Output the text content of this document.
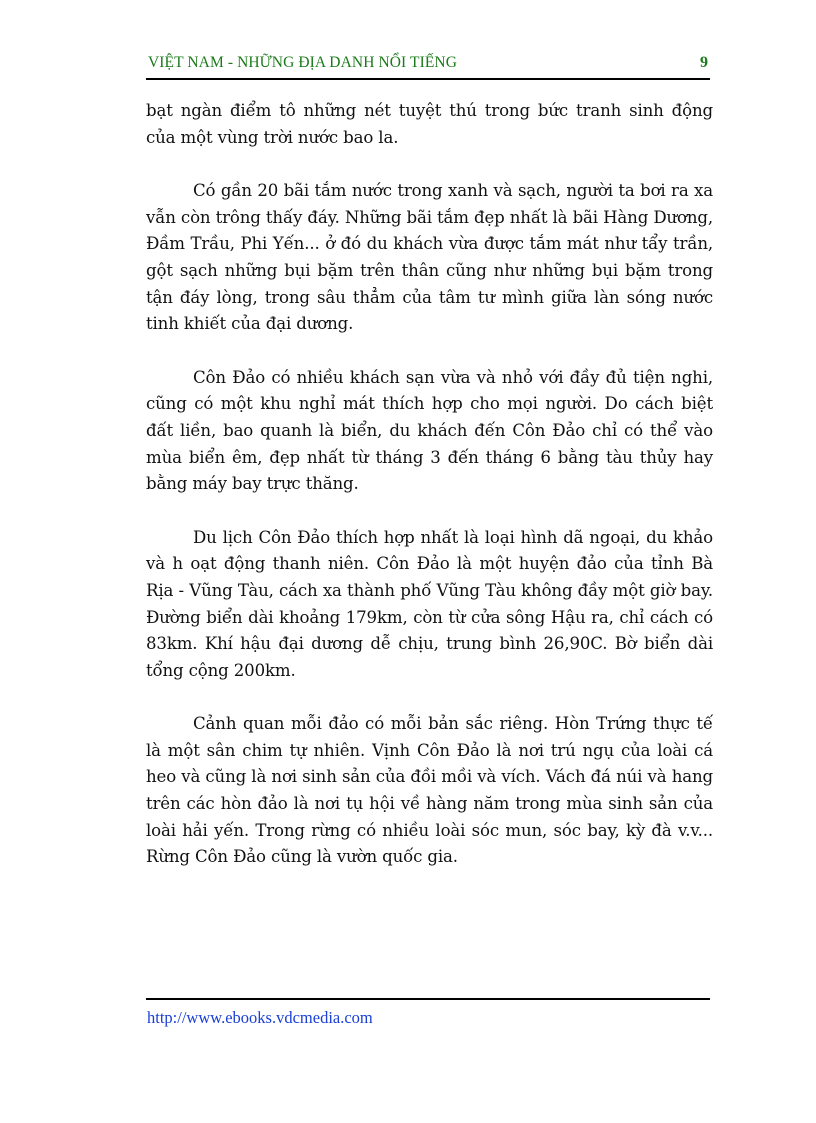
VIỆT NAM - NHỮNG ĐỊA DANH NỔI TIẾNG	9

bạt ngàn điểm tô những nét tuyệt thú trong bức tranh sinh động của một vùng trời nước bao la.

Có gần 20 bãi tắm nước trong xanh và sạch, người ta bơi ra xa vẫn còn trông thấy đáy. Những bãi tắm đẹp nhất là bãi Hàng Dương, Đầm Trầu, Phi Yến... ở đó du khách vừa được tắm mát như tẩy trần, gột sạch những bụi bặm trên thân cũng như những bụi bặm trong tận đáy lòng, trong sâu thẳm của tâm tư mình giữa làn sóng nước tinh khiết của đại dương.

Côn Đảo có nhiều khách sạn vừa và nhỏ với đầy đủ tiện nghi, cũng có một khu nghỉ mát thích hợp cho mọi người. Do cách biệt đất liền, bao quanh là biển, du khách đến Côn Đảo chỉ có thể vào mùa biển êm, đẹp nhất từ tháng 3 đến tháng 6 bằng tàu thủy hay bằng máy bay trực thăng.

Du lịch Côn Đảo thích hợp nhất là loại hình dã ngoại, du khảo và h oạt động thanh niên. Côn Đảo là một huyện đảo của tỉnh Bà Rịa - Vũng Tàu, cách xa thành phố Vũng Tàu không đầy một giờ bay. Đường biển dài khoảng 179km, còn từ cửa sông Hậu ra, chỉ cách có 83km. Khí hậu đại dương dễ chịu, trung bình 26,90C. Bờ biển dài tổng cộng 200km.

Cảnh quan mỗi đảo có mỗi bản sắc riêng. Hòn Trứng thực tế là một sân chim tự nhiên. Vịnh Côn Đảo là nơi trú ngụ của loài cá heo và cũng là nơi sinh sản của đồi mồi và vích. Vách đá núi và hang trên các hòn đảo là nơi tụ hội về hàng năm trong mùa sinh sản của loài hải yến. Trong rừng có nhiều loài sóc mun, sóc bay, kỳ đà v.v... Rừng Côn Đảo cũng là vườn quốc gia.

http://www.ebooks.vdcmedia.com
